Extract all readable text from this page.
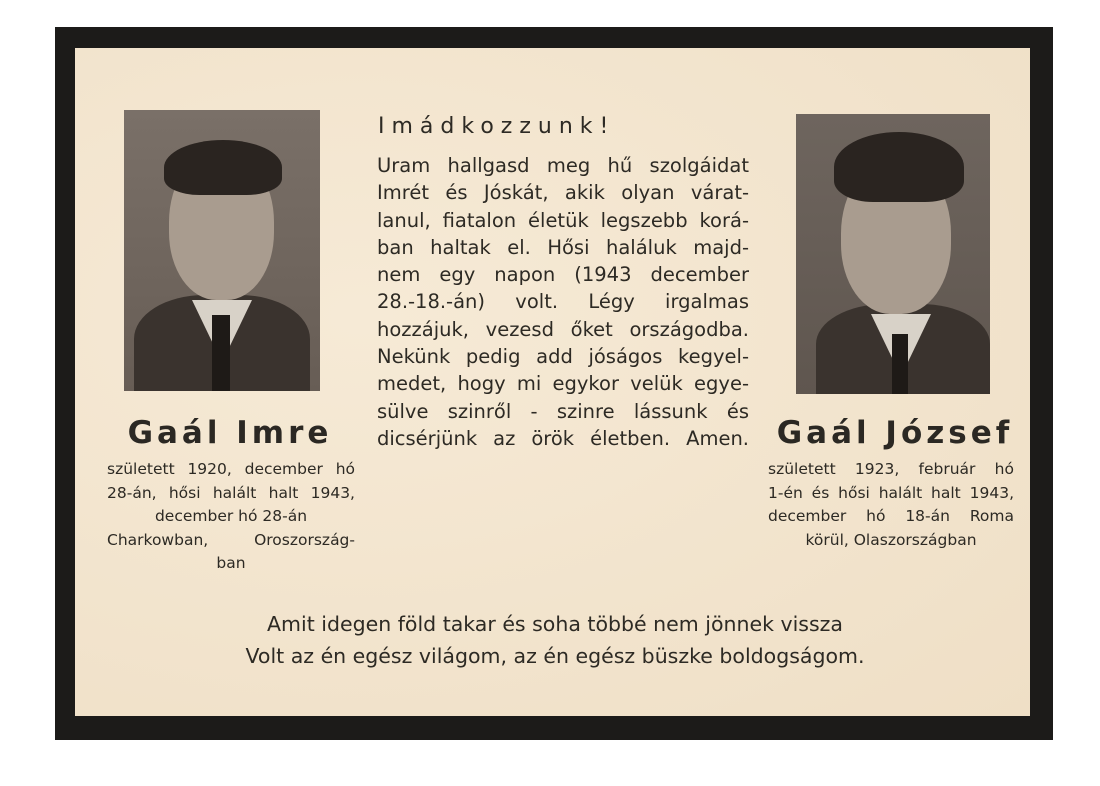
Imádkozzunk!
Uram hallgasd meg hű szolgáidat
Imrét és Jóskát, akik olyan várat-
lanul, fiatalon életük legszebb korá-
ban haltak el. Hősi haláluk majd-
nem egy napon (1943 december
28.-18.-án) volt. Légy irgalmas
hozzájuk, vezesd őket országodba.
Nekünk pedig add jóságos kegyel-
medet, hogy mi egykor velük egye-
sülve szinről - szinre lássunk és
dicsérjünk az örök életben. Amen.
Gaál Imre
született 1920, december hó
28-án, hősi halált halt 1943,
december hó 28-án
Charkowban, Oroszország-
ban
Gaál József
született 1923, február hó
1-én és hősi halált halt 1943,
december hó 18-án Roma
körül, Olaszországban
Amit idegen föld takar és soha többé nem jönnek vissza
Volt az én egész világom, az én egész büszke boldogságom.
